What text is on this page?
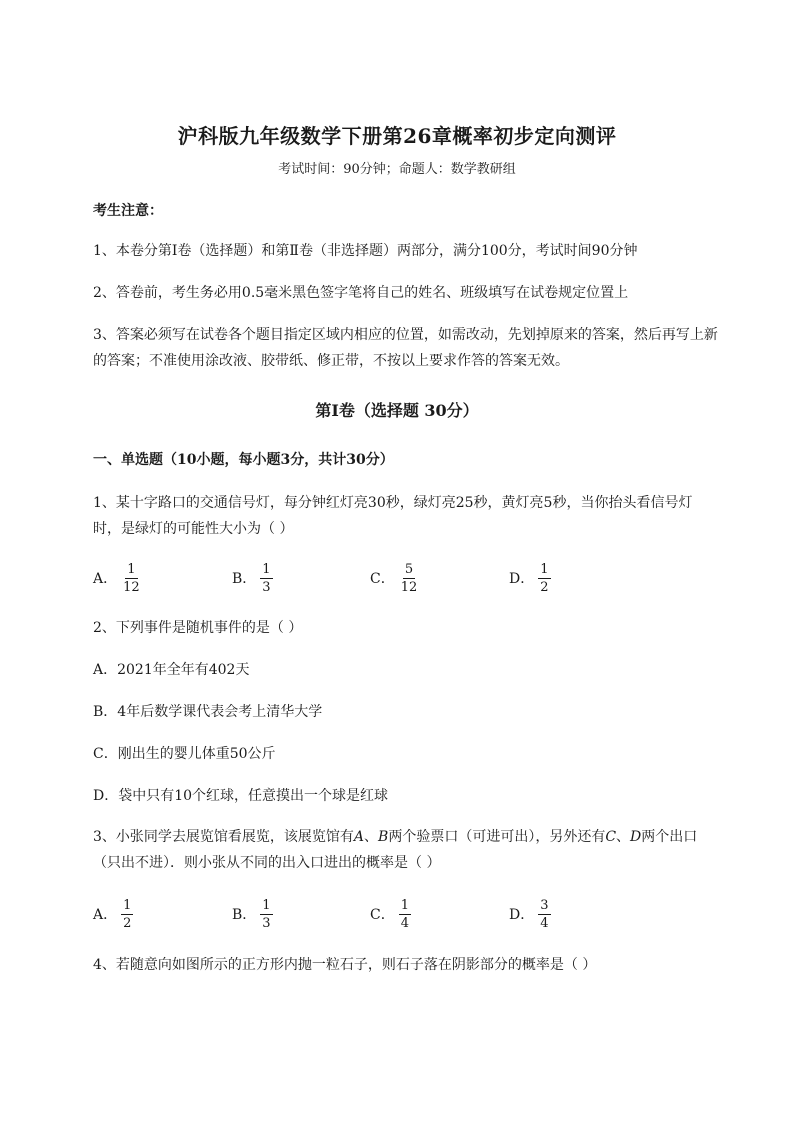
沪科版九年级数学下册第26章概率初步定向测评
考试时间：90分钟；命题人：数学教研组
考生注意：
1、本卷分第I卷（选择题）和第Ⅱ卷（非选择题）两部分，满分100分，考试时间90分钟
2、答卷前，考生务必用0.5毫米黑色签字笔将自己的姓名、班级填写在试卷规定位置上
3、答案必须写在试卷各个题目指定区域内相应的位置，如需改动，先划掉原来的答案，然后再写上新
的答案；不准使用涂改液、胶带纸、修正带，不按以上要求作答的答案无效。
第I卷（选择题 30分）
一、单选题（10小题，每小题3分，共计30分）
1、某十字路口的交通信号灯，每分钟红灯亮30秒，绿灯亮25秒，黄灯亮5秒，当你抬头看信号灯
时，是绿灯的可能性大小为（ ）
A． $\frac{1}{12}$	B． $\frac{1}{3}$	C． $\frac{5}{12}$	D． $\frac{1}{2}$
2、下列事件是随机事件的是（ ）
A．2021年全年有402天
B．4年后数学课代表会考上清华大学
C．刚出生的婴儿体重50公斤
D．袋中只有10个红球，任意摸出一个球是红球
3、小张同学去展览馆看展览，该展览馆有A、B两个验票口（可进可出），另外还有C、D两个出口
（只出不进）．则小张从不同的出入口进出的概率是（ ）
A． $\frac{1}{2}$	B． $\frac{1}{3}$	C． $\frac{1}{4}$	D． $\frac{3}{4}$
4、若随意向如图所示的正方形内抛一粒石子，则石子落在阴影部分的概率是（ ）
